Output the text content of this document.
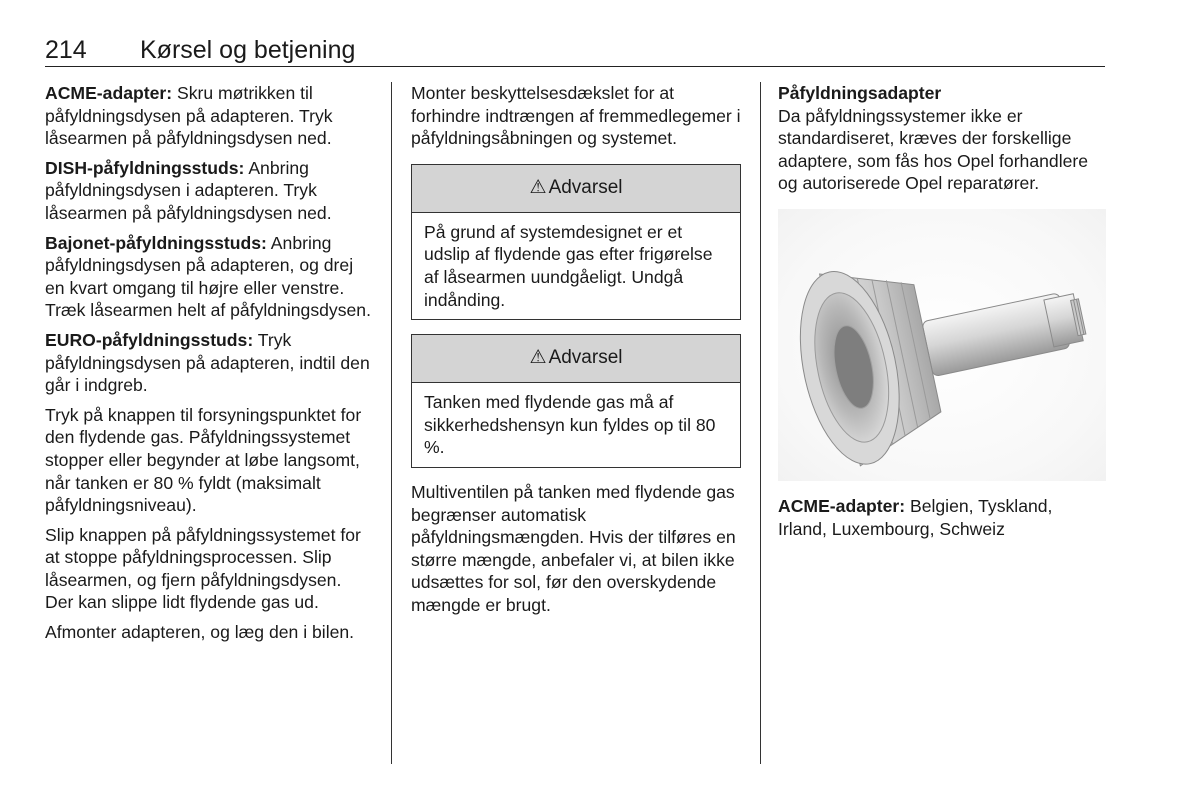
214 Kørsel og betjening

ACME-adapter: Skru møtrikken til påfyldningsdysen på adapteren. Tryk låsearmen på påfyldningsdysen ned.

DISH-påfyldningsstuds: Anbring påfyldningsdysen i adapteren. Tryk låsearmen på påfyldningsdysen ned.

Bajonet-påfyldningsstuds: Anbring påfyldningsdysen på adapteren, og drej en kvart omgang til højre eller venstre. Træk låsearmen helt af påfyldningsdysen.

EURO-påfyldningsstuds: Tryk påfyldningsdysen på adapteren, indtil den går i indgreb.

Tryk på knappen til forsyningspunktet for den flydende gas. Påfyldningssystemet stopper eller begynder at løbe langsomt, når tanken er 80 % fyldt (maksimalt påfyldningsniveau).

Slip knappen på påfyldningssystemet for at stoppe påfyldningsprocessen. Slip låsearmen, og fjern påfyldningsdysen. Der kan slippe lidt flydende gas ud.

Afmonter adapteren, og læg den i bilen.

Monter beskyttelsesdækslet for at forhindre indtrængen af fremmedlegemer i påfyldningsåbningen og systemet.

⚠ Advarsel
På grund af systemdesignet er et udslip af flydende gas efter frigørelse af låsearmen uundgåeligt. Undgå indånding.
⚠ Advarsel
Tanken med flydende gas må af sikkerhedshensyn kun fyldes op til 80 %.

Multiventilen på tanken med flydende gas begrænser automatisk påfyldningsmængden. Hvis der tilføres en større mængde, anbefaler vi, at bilen ikke udsættes for sol, før den overskydende mængde er brugt.

Påfyldningsadapter

Da påfyldningssystemer ikke er standardiseret, kræves der forskellige adaptere, som fås hos Opel forhandlere og autoriserede Opel reparatører.

ACME-adapter: Belgien, Tyskland, Irland, Luxembourg, Schweiz
